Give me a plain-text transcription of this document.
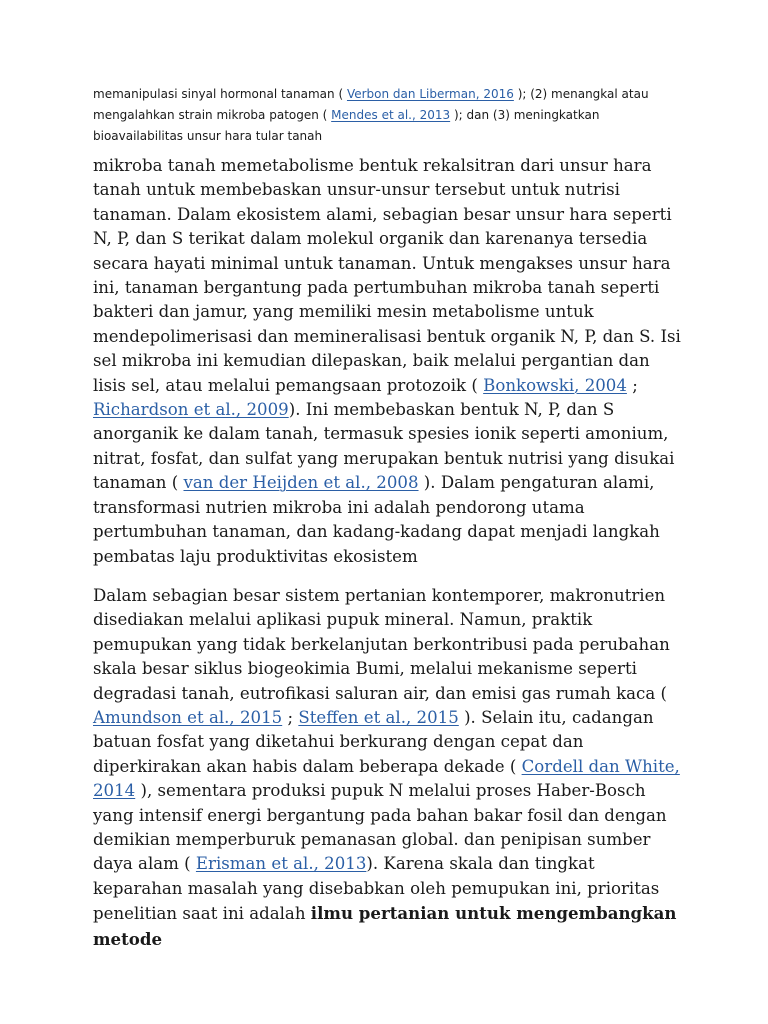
memanipulasi sinyal hormonal tanaman ( Verbon dan Liberman, 2016 ); (2) menangkal atau mengalahkan strain mikroba patogen ( Mendes et al., 2013 ); dan (3) meningkatkan bioavailabilitas unsur hara tular tanah

mikroba tanah memetabolisme bentuk rekalsitran dari unsur hara tanah untuk membebaskan unsur-unsur tersebut untuk nutrisi tanaman. Dalam ekosistem alami, sebagian besar unsur hara seperti N, P, dan S terikat dalam molekul organik dan karenanya tersedia secara hayati minimal untuk tanaman. Untuk mengakses unsur hara ini, tanaman bergantung pada pertumbuhan mikroba tanah seperti bakteri dan jamur, yang memiliki mesin metabolisme untuk mendepolimerisasi dan memineralisasi bentuk organik N, P, dan S. Isi sel mikroba ini kemudian dilepaskan, baik melalui pergantian dan lisis sel, atau melalui pemangsaan protozoik ( Bonkowski, 2004 ; Richardson et al., 2009). Ini membebaskan bentuk N, P, dan S anorganik ke dalam tanah, termasuk spesies ionik seperti amonium, nitrat, fosfat, dan sulfat yang merupakan bentuk nutrisi yang disukai tanaman ( van der Heijden et al., 2008 ). Dalam pengaturan alami, transformasi nutrien mikroba ini adalah pendorong utama pertumbuhan tanaman, dan kadang-kadang dapat menjadi langkah pembatas laju produktivitas ekosistem

Dalam sebagian besar sistem pertanian kontemporer, makronutrien disediakan melalui aplikasi pupuk mineral. Namun, praktik pemupukan yang tidak berkelanjutan berkontribusi pada perubahan skala besar siklus biogeokimia Bumi, melalui mekanisme seperti degradasi tanah, eutrofikasi saluran air, dan emisi gas rumah kaca ( Amundson et al., 2015 ; Steffen et al., 2015 ). Selain itu, cadangan batuan fosfat yang diketahui berkurang dengan cepat dan diperkirakan akan habis dalam beberapa dekade ( Cordell dan White, 2014 ), sementara produksi pupuk N melalui proses Haber-Bosch yang intensif energi bergantung pada bahan bakar fosil dan dengan demikian memperburuk pemanasan global. dan penipisan sumber daya alam ( Erisman et al., 2013). Karena skala dan tingkat keparahan masalah yang disebabkan oleh pemupukan ini, prioritas penelitian saat ini adalah ilmu pertanian untuk mengembangkan metode
